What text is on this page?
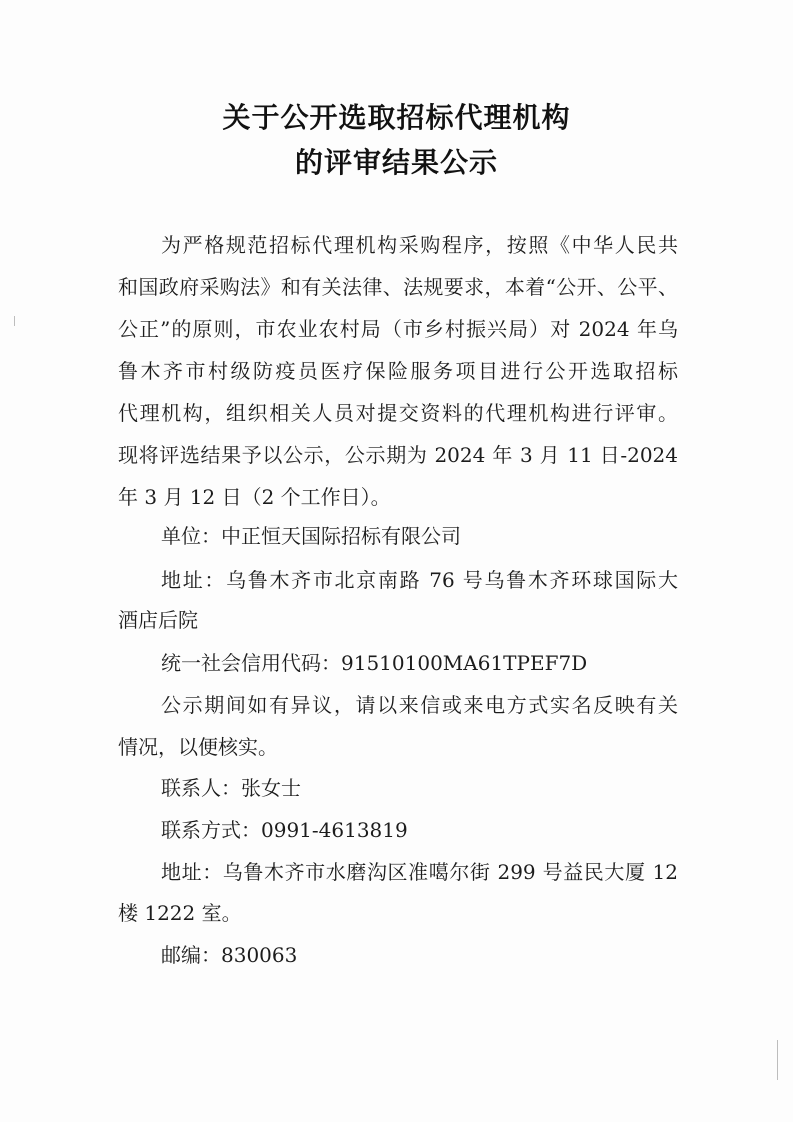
关于公开选取招标代理机构
的评审结果公示
为严格规范招标代理机构采购程序，按照《中华人民共
和国政府采购法》和有关法律、法规要求，本着“公开、公平、
公正”的原则，市农业农村局（市乡村振兴局）对 2024 年乌
鲁木齐市村级防疫员医疗保险服务项目进行公开选取招标
代理机构，组织相关人员对提交资料的代理机构进行评审。
现将评选结果予以公示，公示期为 2024 年 3 月 11 日-2024
年 3 月 12 日（2 个工作日）。
单位：中正恒天国际招标有限公司
地址：乌鲁木齐市北京南路 76 号乌鲁木齐环球国际大
酒店后院
统一社会信用代码：91510100MA61TPEF7D
公示期间如有异议，请以来信或来电方式实名反映有关
情况，以便核实。
联系人：张女士
联系方式：0991-4613819
地址：乌鲁木齐市水磨沟区准噶尔街 299 号益民大厦 12
楼 1222 室。
邮编：830063
